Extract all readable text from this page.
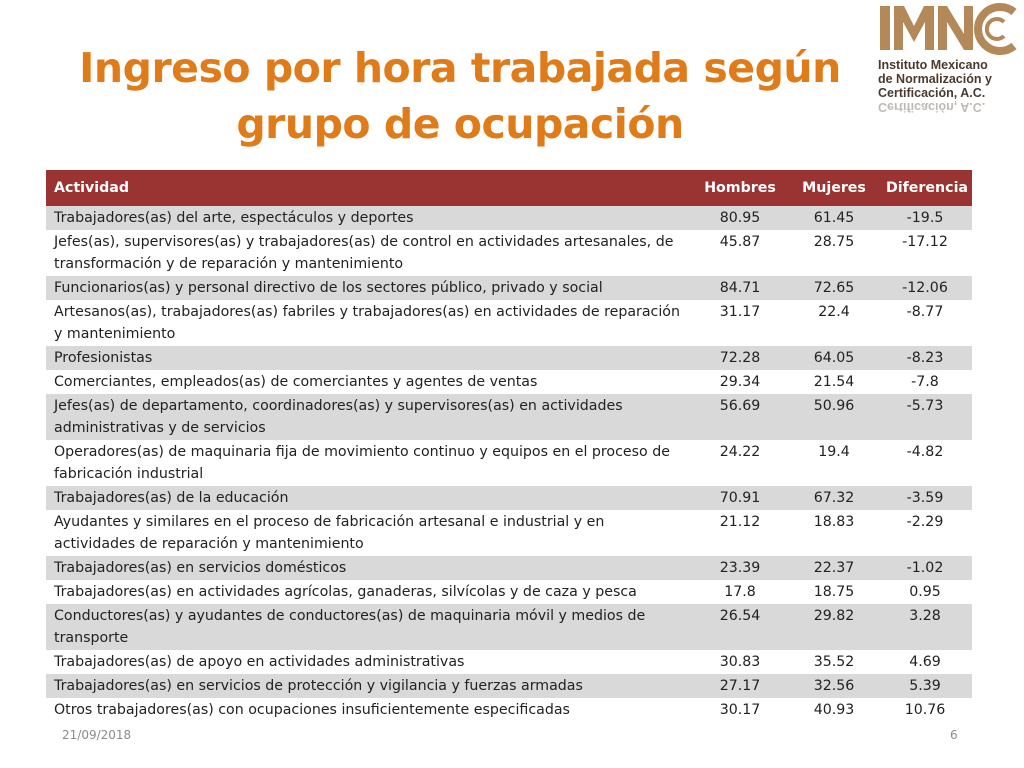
Ingreso por hora trabajada según grupo de ocupación
Instituto Mexicano
de Normalización y
Certificación, A.C.
Certificación, A.C.
Actividad	Hombres	Mujeres	Diferencia
Trabajadores(as) del arte, espectáculos y deportes	80.95	61.45	-19.5
Jefes(as), supervisores(as) y trabajadores(as) de control en actividades artesanales, de transformación y de reparación y mantenimiento	45.87	28.75	-17.12
Funcionarios(as) y personal directivo de los sectores público, privado y social	84.71	72.65	-12.06
Artesanos(as), trabajadores(as) fabriles y trabajadores(as) en actividades de reparación y mantenimiento	31.17	22.4	-8.77
Profesionistas	72.28	64.05	-8.23
Comerciantes, empleados(as) de comerciantes y agentes de ventas	29.34	21.54	-7.8
Jefes(as) de departamento, coordinadores(as) y supervisores(as) en actividades administrativas y de servicios	56.69	50.96	-5.73
Operadores(as) de maquinaria fija de movimiento continuo y equipos en el proceso de fabricación industrial	24.22	19.4	-4.82
Trabajadores(as) de la educación	70.91	67.32	-3.59
Ayudantes y similares en el proceso de fabricación artesanal e industrial y en actividades de reparación y mantenimiento	21.12	18.83	-2.29
Trabajadores(as) en servicios domésticos	23.39	22.37	-1.02
Trabajadores(as) en actividades agrícolas, ganaderas, silvícolas y de caza y pesca	17.8	18.75	0.95
Conductores(as) y ayudantes de conductores(as) de maquinaria móvil y medios de transporte	26.54	29.82	3.28
Trabajadores(as) de apoyo en actividades administrativas	30.83	35.52	4.69
Trabajadores(as) en servicios de protección y vigilancia y fuerzas armadas	27.17	32.56	5.39
Otros trabajadores(as) con ocupaciones insuficientemente especificadas	30.17	40.93	10.76
21/09/2018	6
